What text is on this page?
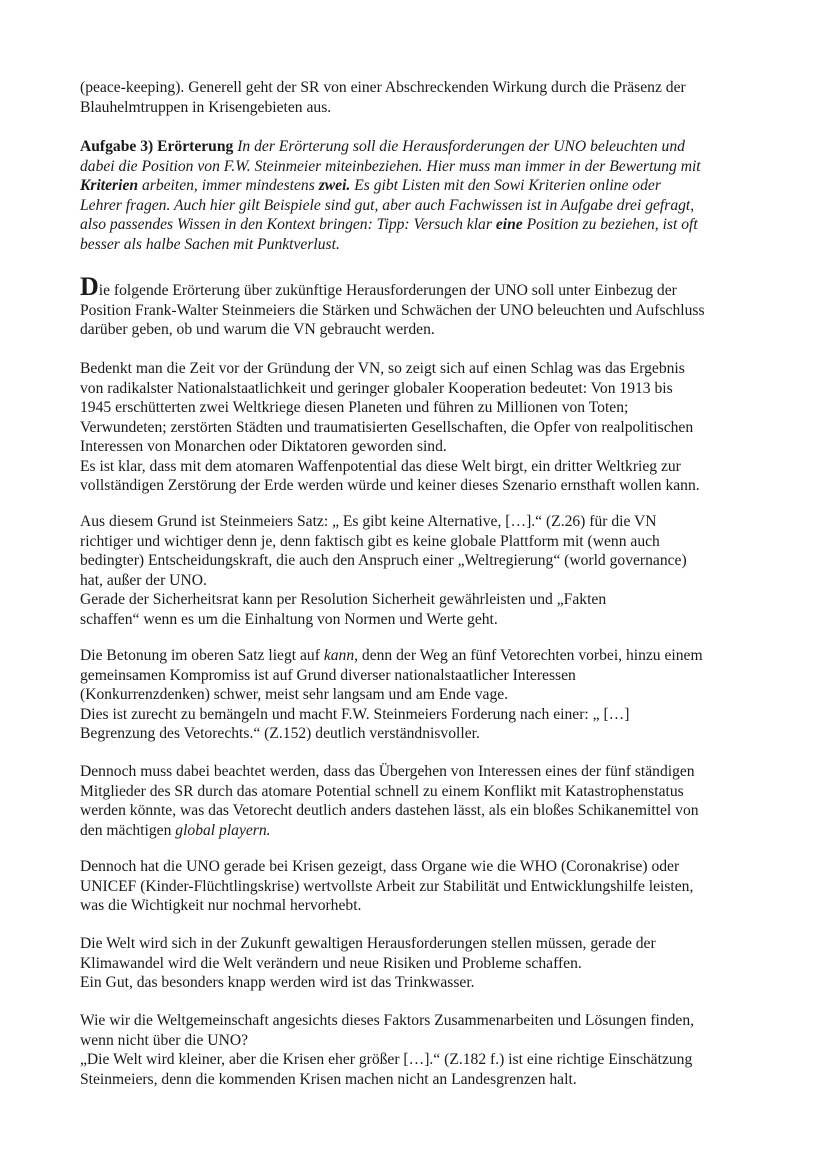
(peace-keeping). Generell geht der SR von einer Abschreckenden Wirkung durch die Präsenz der
Blauhelmtruppen in Krisengebieten aus.

Aufgabe 3) Erörterung In der Erörterung soll die Herausforderungen der UNO beleuchten und
dabei die Position von F.W. Steinmeier miteinbeziehen. Hier muss man immer in der Bewertung mit
Kriterien arbeiten, immer mindestens zwei. Es gibt Listen mit den Sowi Kriterien online oder
Lehrer fragen. Auch hier gilt Beispiele sind gut, aber auch Fachwissen ist in Aufgabe drei gefragt,
also passendes Wissen in den Kontext bringen: Tipp: Versuch klar eine Position zu beziehen, ist oft
besser als halbe Sachen mit Punktverlust.

Die folgende Erörterung über zukünftige Herausforderungen der UNO soll unter Einbezug der
Position Frank-Walter Steinmeiers die Stärken und Schwächen der UNO beleuchten und Aufschluss
darüber geben, ob und warum die VN gebraucht werden.

Bedenkt man die Zeit vor der Gründung der VN, so zeigt sich auf einen Schlag was das Ergebnis
von radikalster Nationalstaatlichkeit und geringer globaler Kooperation bedeutet: Von 1913 bis
1945 erschütterten zwei Weltkriege diesen Planeten und führen zu Millionen von Toten;
Verwundeten; zerstörten Städten und traumatisierten Gesellschaften, die Opfer von realpolitischen
Interessen von Monarchen oder Diktatoren geworden sind.
Es ist klar, dass mit dem atomaren Waffenpotential das diese Welt birgt, ein dritter Weltkrieg zur
vollständigen Zerstörung der Erde werden würde und keiner dieses Szenario ernsthaft wollen kann.

Aus diesem Grund ist Steinmeiers Satz: „ Es gibt keine Alternative, […].“ (Z.26) für die VN
richtiger und wichtiger denn je, denn faktisch gibt es keine globale Plattform mit (wenn auch
bedingter) Entscheidungskraft, die auch den Anspruch einer „Weltregierung“ (world governance)
hat, außer der UNO.
Gerade der Sicherheitsrat kann per Resolution Sicherheit gewährleisten und „Fakten
schaffen“ wenn es um die Einhaltung von Normen und Werte geht.

Die Betonung im oberen Satz liegt auf kann, denn der Weg an fünf Vetorechten vorbei, hinzu einem
gemeinsamen Kompromiss ist auf Grund diverser nationalstaatlicher Interessen
(Konkurrenzdenken) schwer, meist sehr langsam und am Ende vage.
Dies ist zurecht zu bemängeln und macht F.W. Steinmeiers Forderung nach einer: „ […]
Begrenzung des Vetorechts.“ (Z.152) deutlich verständnisvoller.

Dennoch muss dabei beachtet werden, dass das Übergehen von Interessen eines der fünf ständigen
Mitglieder des SR durch das atomare Potential schnell zu einem Konflikt mit Katastrophenstatus
werden könnte, was das Vetorecht deutlich anders dastehen lässt, als ein bloßes Schikanemittel von
den mächtigen global playern.

Dennoch hat die UNO gerade bei Krisen gezeigt, dass Organe wie die WHO (Coronakrise) oder
UNICEF (Kinder-Flüchtlingskrise) wertvollste Arbeit zur Stabilität und Entwicklungshilfe leisten,
was die Wichtigkeit nur nochmal hervorhebt.

Die Welt wird sich in der Zukunft gewaltigen Herausforderungen stellen müssen, gerade der
Klimawandel wird die Welt verändern und neue Risiken und Probleme schaffen.
Ein Gut, das besonders knapp werden wird ist das Trinkwasser.

Wie wir die Weltgemeinschaft angesichts dieses Faktors Zusammenarbeiten und Lösungen finden,
wenn nicht über die UNO?
„Die Welt wird kleiner, aber die Krisen eher größer […].“ (Z.182 f.) ist eine richtige Einschätzung
Steinmeiers, denn die kommenden Krisen machen nicht an Landesgrenzen halt.
